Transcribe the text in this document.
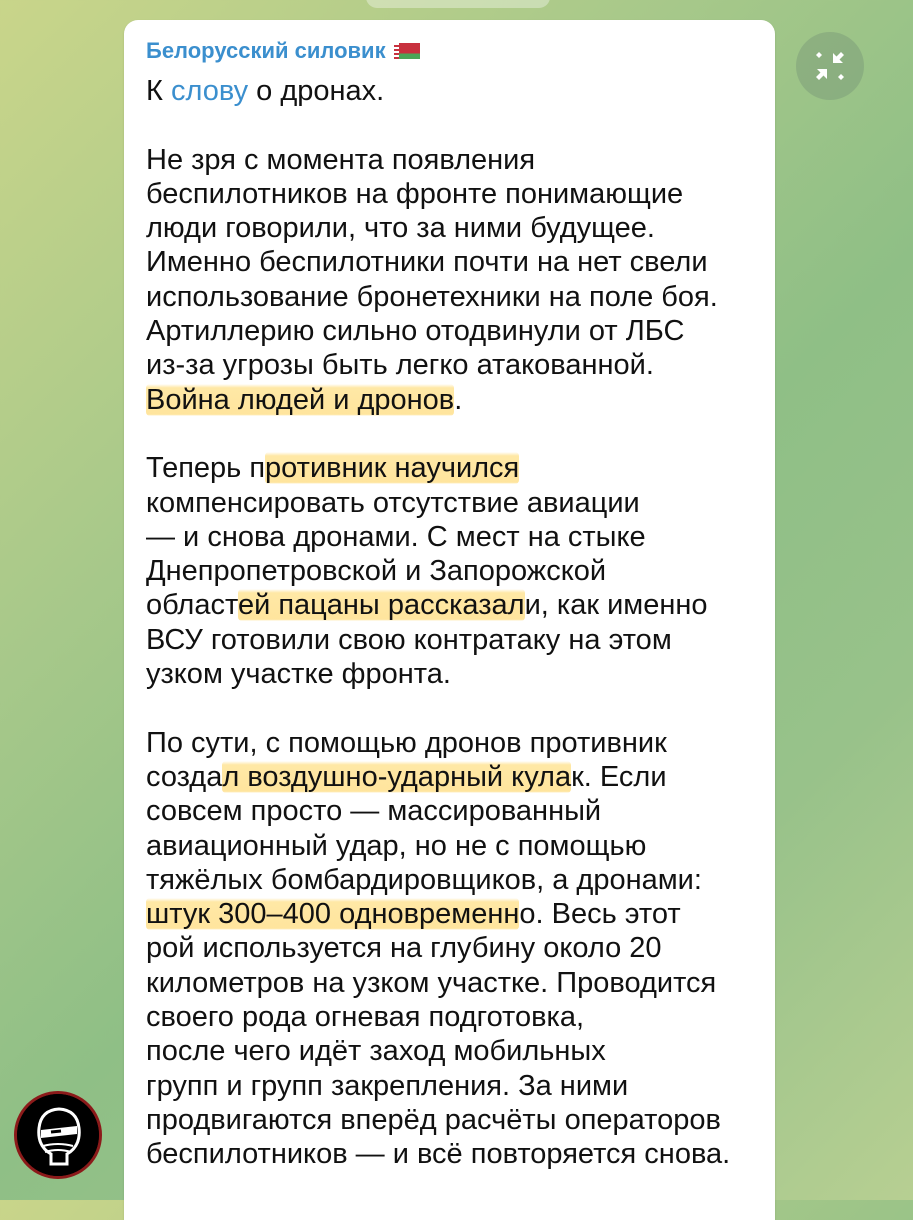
Белорусский силовик
К слову о дронах.
Не зря с момента появления
беспилотников на фронте понимающие
люди говорили, что за ними будущее.
Именно беспилотники почти на нет свели
использование бронетехники на поле боя.
Артиллерию сильно отодвинули от ЛБС
из-за угрозы быть легко атакованной.
Война людей и дронов.
Теперь противник научился
компенсировать отсутствие авиации
— и снова дронами. С мест на стыке
Днепропетровской и Запорожской
областей пацаны рассказали, как именно
ВСУ готовили свою контратаку на этом
узком участке фронта.
По сути, с помощью дронов противник
создал воздушно-ударный кулак. Если
совсем просто — массированный
авиационный удар, но не с помощью
тяжёлых бомбардировщиков, а дронами:
штук 300–400 одновременно. Весь этот
рой используется на глубину около 20
километров на узком участке. Проводится
своего рода огневая подготовка,
после чего идёт заход мобильных
групп и групп закрепления. За ними
продвигаются вперёд расчёты операторов
беспилотников — и всё повторяется снова.
